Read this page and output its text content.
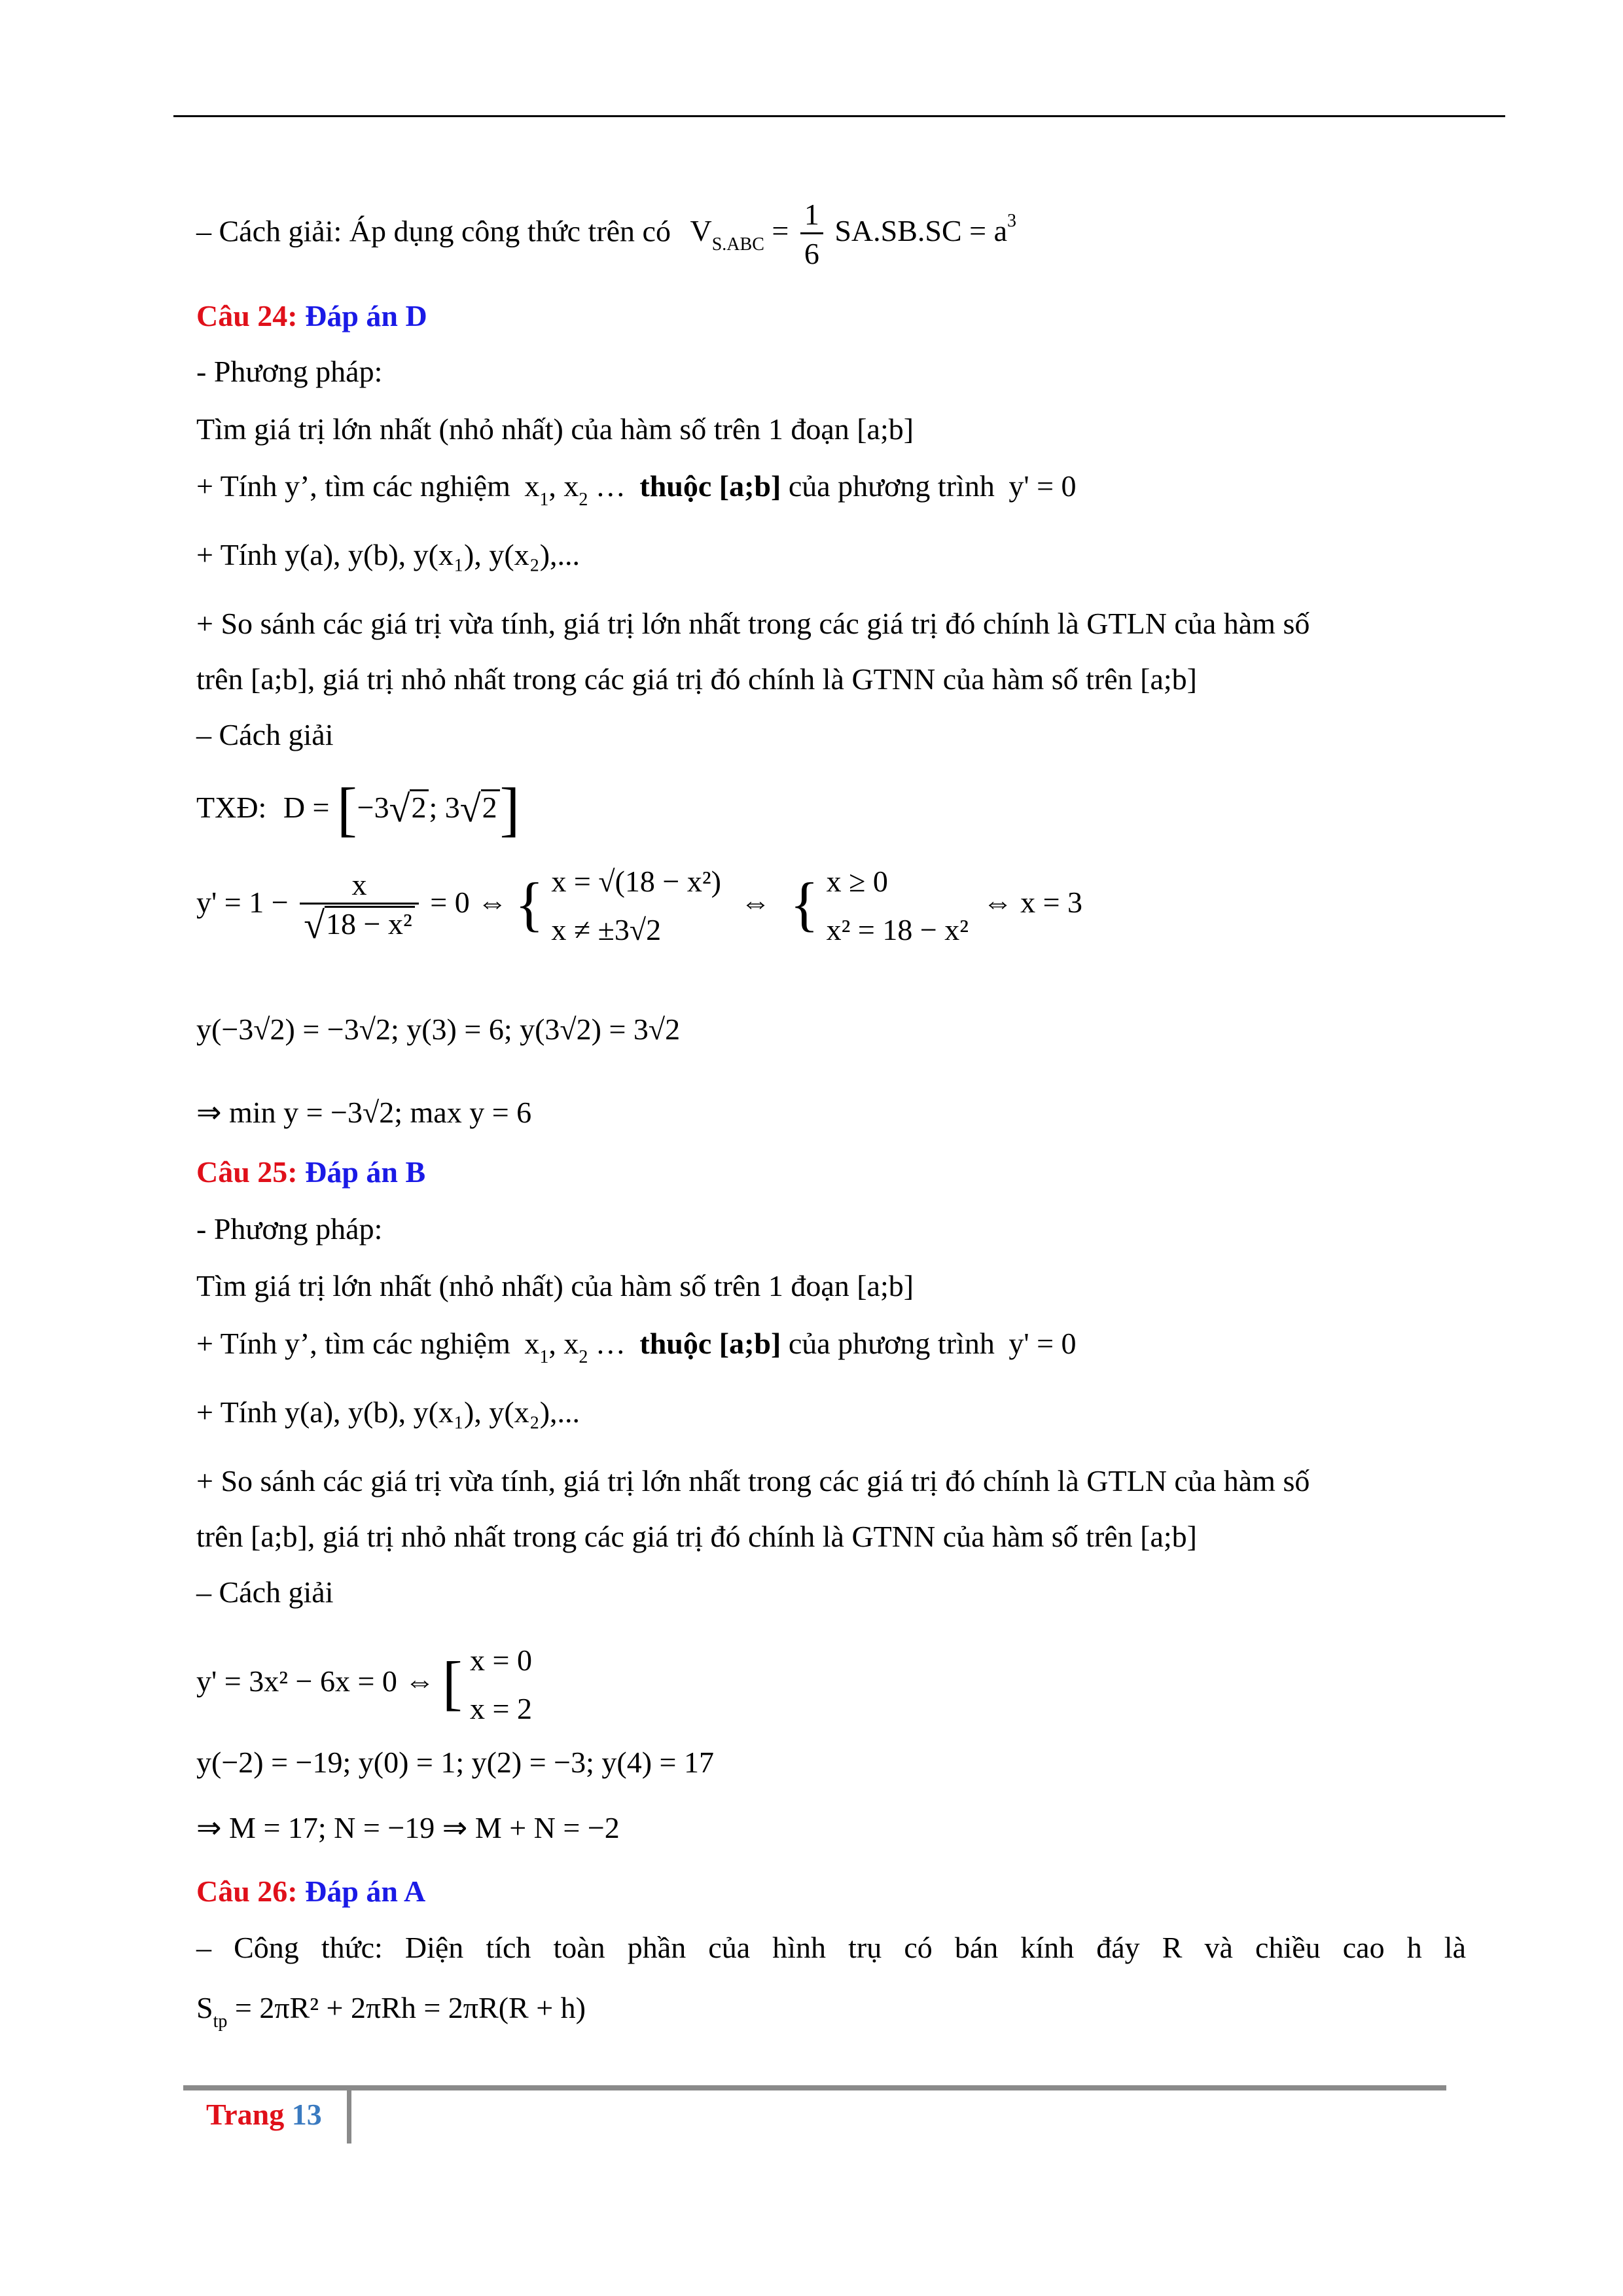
– Cách giải: Áp dụng công thức trên có $V_{S.ABC} = \frac{1}{6} SA.SB.SC = a^3$
Câu 24: Đáp án D
- Phương pháp:
Tìm giá trị lớn nhất (nhỏ nhất) của hàm số trên 1 đoạn [a;b]
+ Tính y’, tìm các nghiệm $x_1$, $x_2$ … thuộc [a;b] của phương trình y' = 0
+ Tính y(a), y(b), y(x₁), y(x₂),...
+ So sánh các giá trị vừa tính, giá trị lớn nhất trong các giá trị đó chính là GTLN của hàm số
trên [a;b], giá trị nhỏ nhất trong các giá trị đó chính là GTNN của hàm số trên [a;b]
– Cách giải
TXĐ: D = [−3√2; 3√2]
$y' = 1 - \frac{x}{\text{√18 − x²}} = 0$ ⇔ { x = √(18 − x²)
x ≠ ±3√2
⇔ { x ≥ 0
x² = 18 − x²
⇔ x = 3
y(−3√2) = −3√2; y(3) = 6; y(3√2) = 3√2
⇒ min y = −3√2; max y = 6
Câu 25: Đáp án B
- Phương pháp:
Tìm giá trị lớn nhất (nhỏ nhất) của hàm số trên 1 đoạn [a;b]
+ Tính y’, tìm các nghiệm $x_1$, $x_2$ … thuộc [a;b] của phương trình y' = 0
+ Tính y(a), y(b), y(x₁), y(x₂),...
+ So sánh các giá trị vừa tính, giá trị lớn nhất trong các giá trị đó chính là GTLN của hàm số
trên [a;b], giá trị nhỏ nhất trong các giá trị đó chính là GTNN của hàm số trên [a;b]
– Cách giải
y' = 3x² − 6x = 0 ⇔ [ x = 0
x = 2
y(−2) = −19; y(0) = 1; y(2) = −3; y(4) = 17
⇒ M = 17; N = −19 ⇒ M + N = −2
Câu 26: Đáp án A
– Công thức: Diện tích toàn phần của hình trụ có bán kính đáy R và chiều cao h là
$S_{tp} = 2\pi R^2 + 2\pi Rh = 2\pi R(R + h)$
Trang 13
